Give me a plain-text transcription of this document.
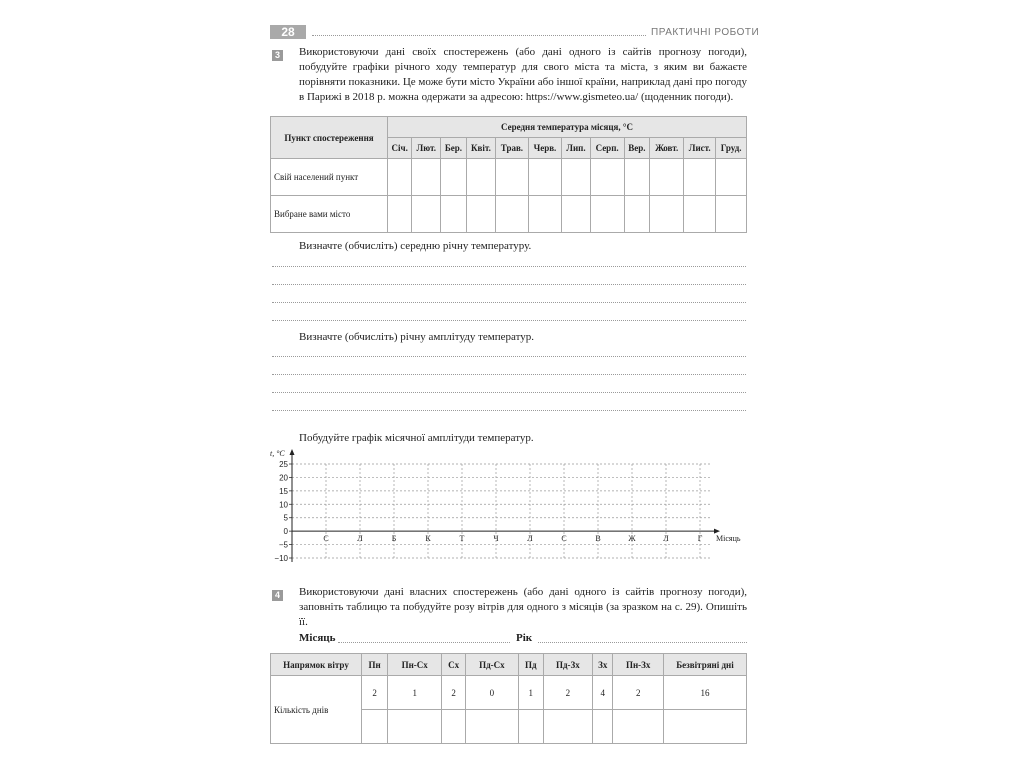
28	ПРАКТИЧНІ РОБОТИ
3 Використовуючи дані своїх спостережень (або дані одного із сайтів прогнозу погоди), побудуйте графіки річного ходу температур для свого міста та міста, з яким ви бажаєте порівняти показники. Це може бути місто України або іншої країни, наприклад дані про погоду в Парижі в 2018 р. можна одержати за адресою: https://www.gismeteo.ua/ (щоденник погоди).
Пункт спостереження	Середня температура місяця, °С											
	Січ.	Лют.	Бер.	Квіт.	Трав.	Черв.	Лип.	Серп.	Вер.	Жовт.	Лист.	Груд.
Свій населений пункт												
Вибране вами місто												
Визначте (обчисліть) середню річну температуру.
Визначте (обчисліть) річну амплітуду температур.
Побудуйте графік місячної амплітуди температур.
25
20
15
10
5
0
−5
−10
С	Л	Б	К	Т	Ч	Л	С	В	Ж	Л	Г
t, °C
Місяць
4 Використовуючи дані власних спостережень (або дані одного із сайтів прогнозу погоди), заповніть таблицю та побудуйте розу вітрів для одного з місяців (за зразком на с. 29). Опишіть її.
Місяць	Рік
Напрямок вітру	Пн	Пн-Сх	Сх	Пд-Сх	Пд	Пд-Зх	Зх	Пн-Зх	Безвітряні дні
Кількість днів	2	1	2	0	1	2	4	2	16
